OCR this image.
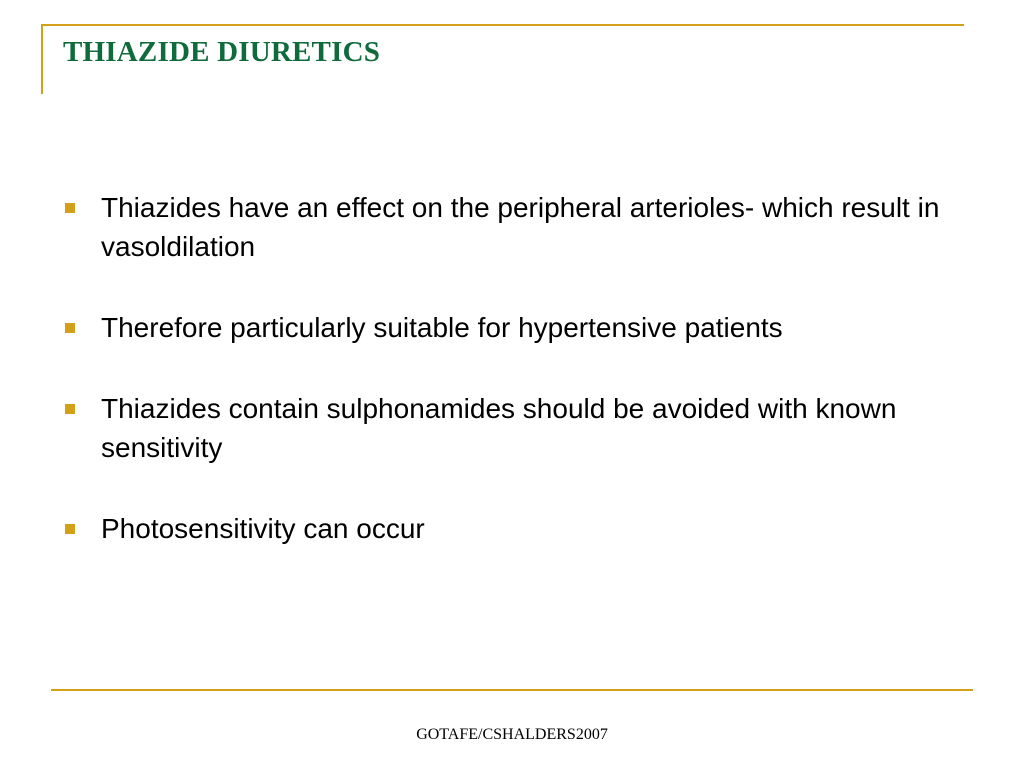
THIAZIDE DIURETICS
Thiazides have an effect on the peripheral arterioles- which result in vasoldilation
Therefore particularly suitable for hypertensive patients
Thiazides contain sulphonamides should be avoided with known sensitivity
Photosensitivity can occur
GOTAFE/CSHALDERS2007
